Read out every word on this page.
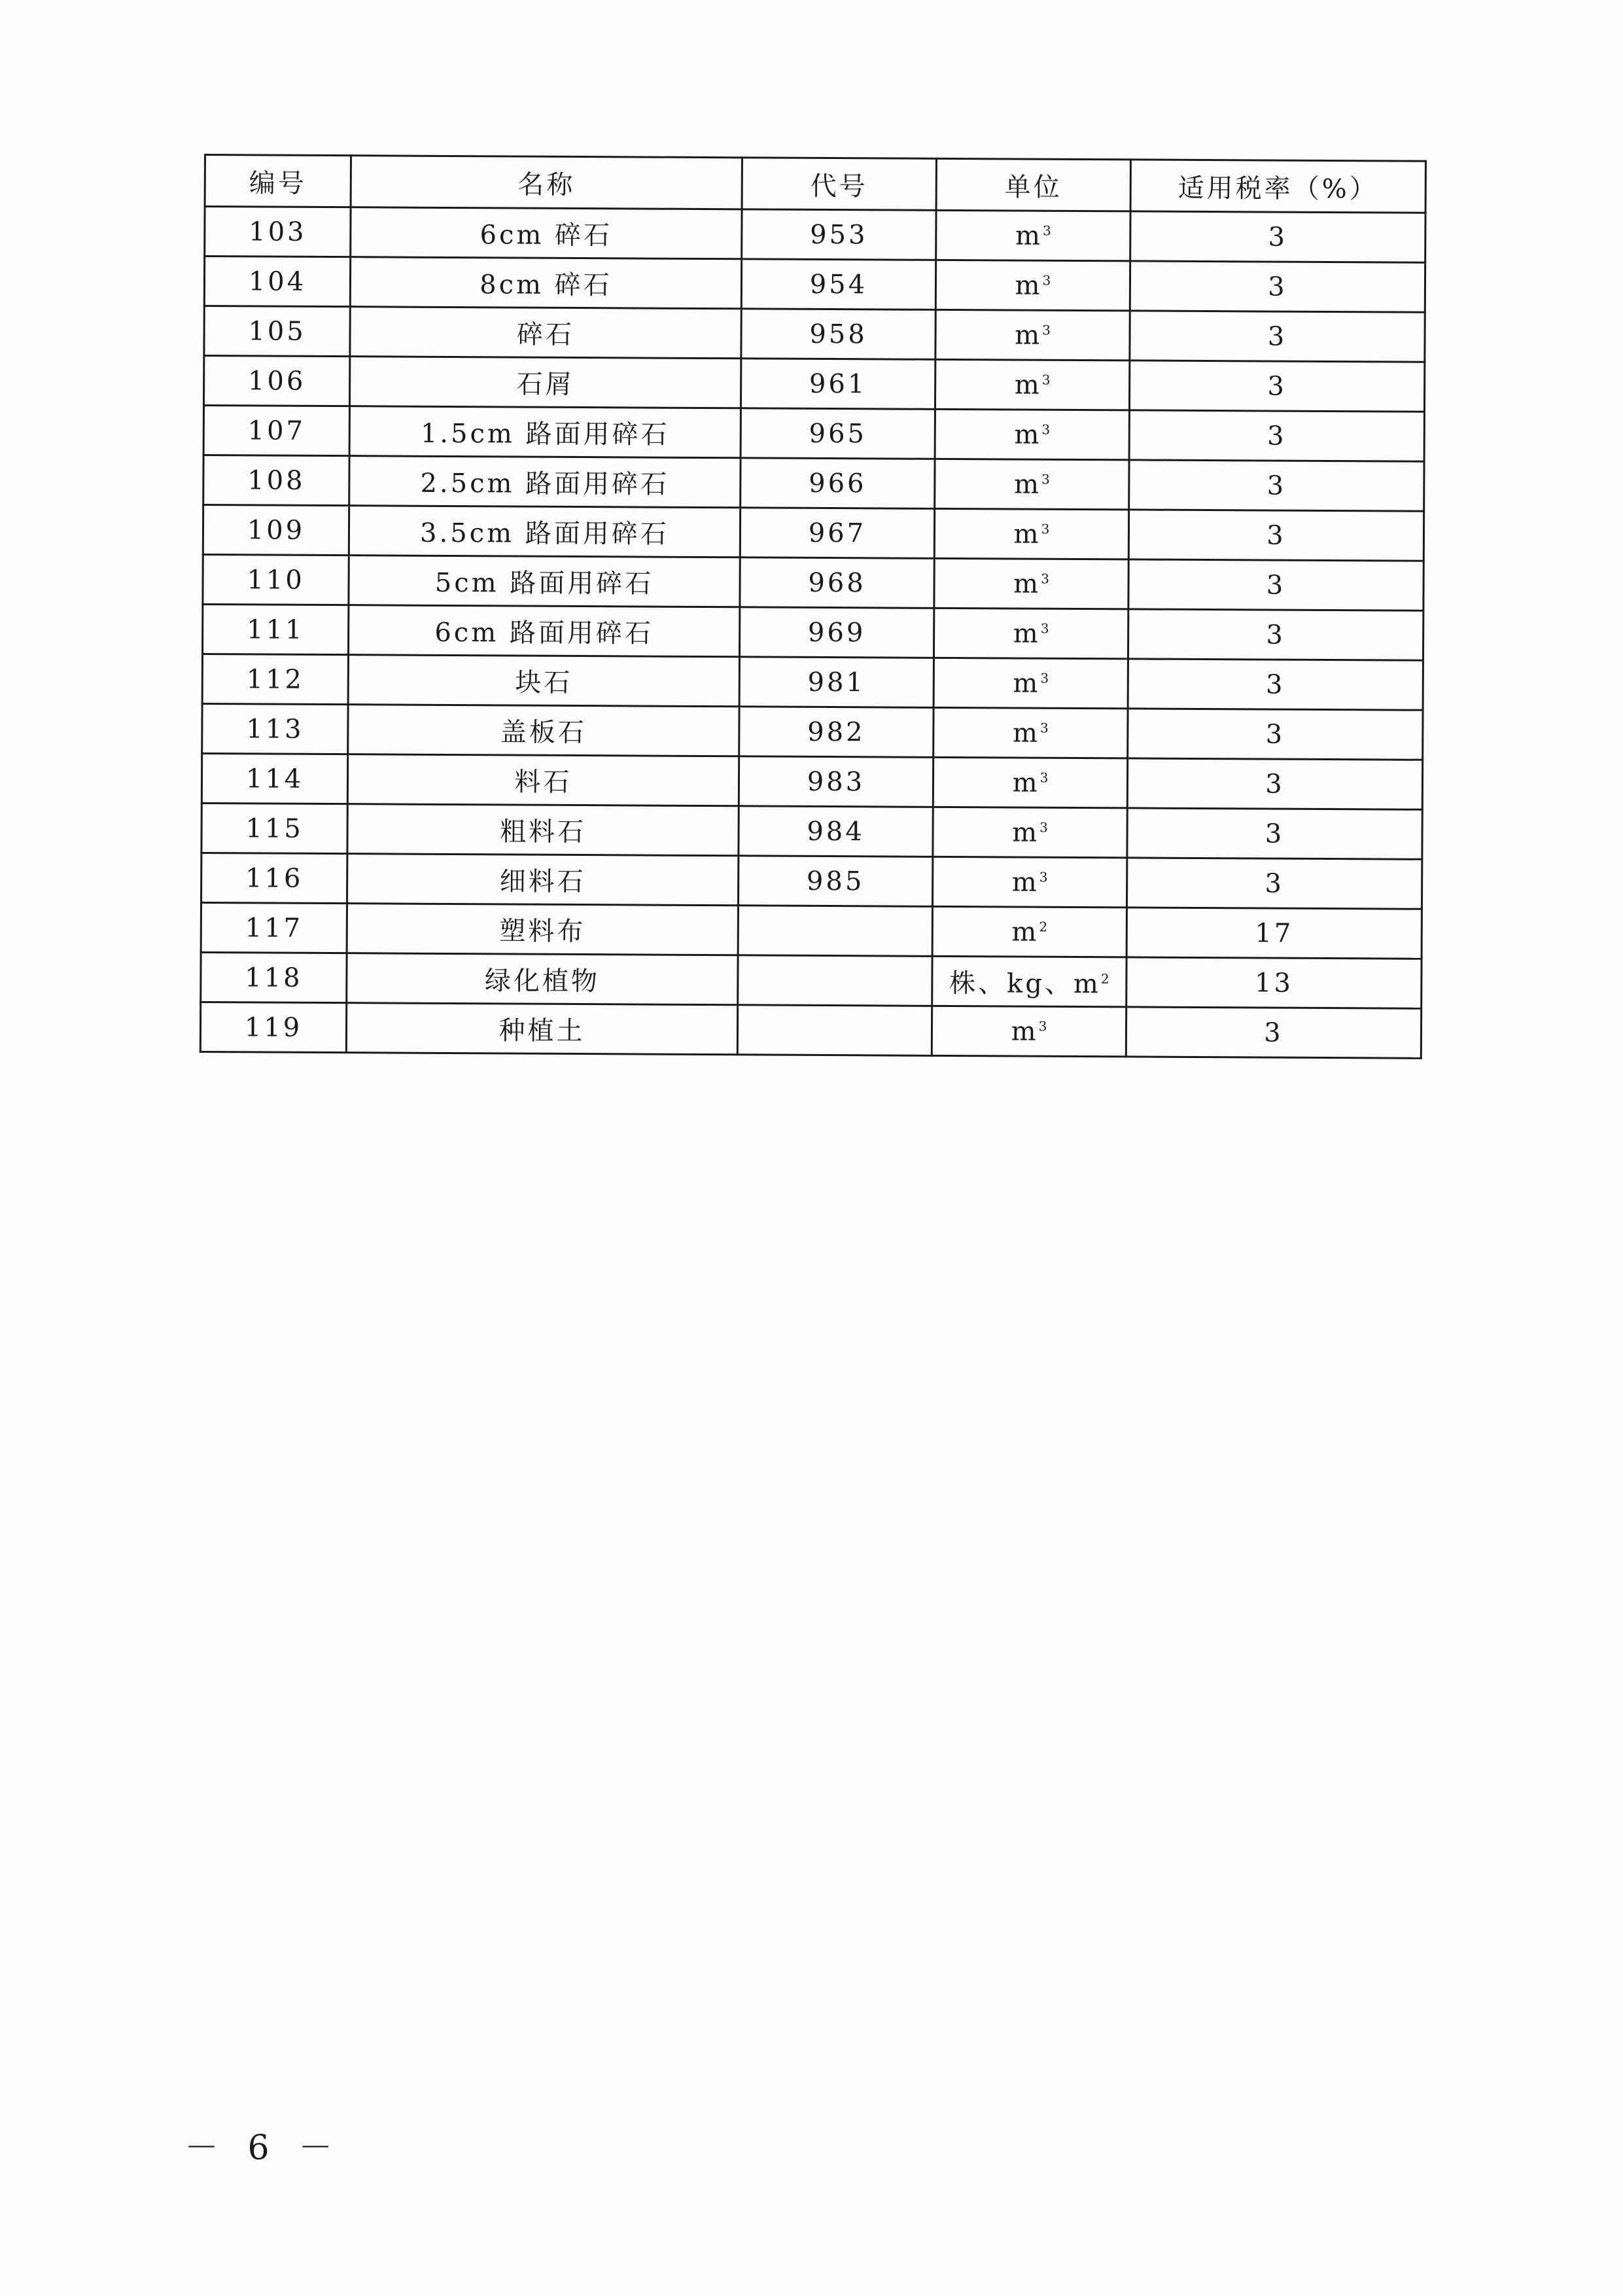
编号	名称	代号	单位	适用税率（%）
103	6cm 碎石	953	$m^3$	3
104	8cm 碎石	954	$m^3$	3
105	碎石	958	$m^3$	3
106	石屑	961	$m^3$	3
107	1.5cm 路面用碎石	965	$m^3$	3
108	2.5cm 路面用碎石	966	$m^3$	3
109	3.5cm 路面用碎石	967	$m^3$	3
110	5cm 路面用碎石	968	$m^3$	3
111	6cm 路面用碎石	969	$m^3$	3
112	块石	981	$m^3$	3
113	盖板石	982	$m^3$	3
114	料石	983	$m^3$	3
115	粗料石	984	$m^3$	3
116	细料石	985	$m^3$	3
117	塑料布		$m^2$	17
118	绿化植物		株、kg、$m^2$	13
119	种植土		$m^3$	3
－ 6 －
